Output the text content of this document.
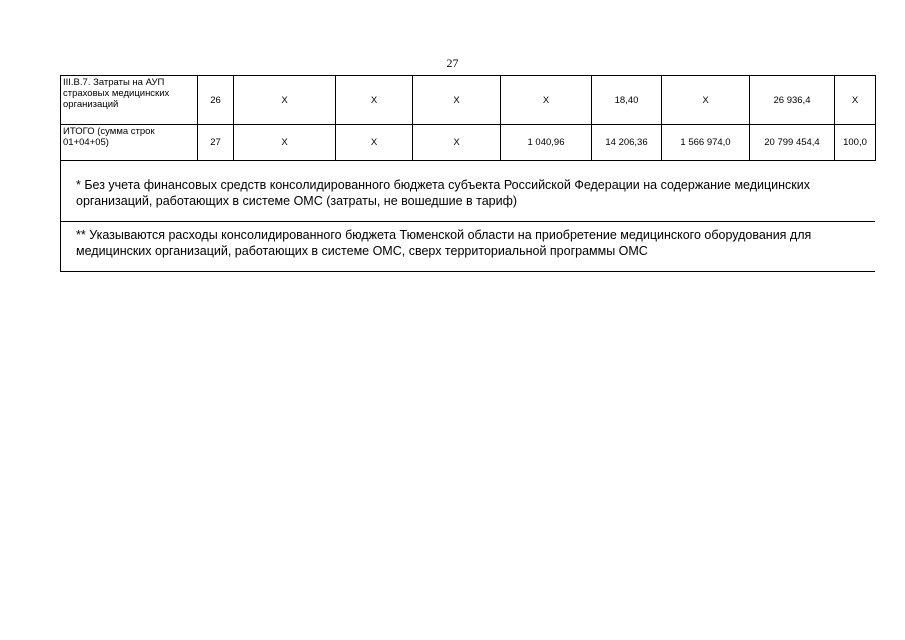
27
III.В.7. Затраты на АУП страховых медицинских организаций	26	Х	Х	Х	Х	18,40	Х	26 936,4	Х
ИТОГО (сумма строк 01+04+05)	27	Х	Х	Х	1 040,96	14 206,36	1 566 974,0	20 799 454,4	100,0
* Без учета финансовых средств консолидированного бюджета субъекта Российской Федерации на содержание медицинских организаций, работающих в системе ОМС (затраты, не вошедшие в тариф)
** Указываются расходы консолидированного бюджета Тюменской области на приобретение медицинского оборудования для медицинских организаций, работающих в системе ОМС, сверх территориальной программы ОМС
